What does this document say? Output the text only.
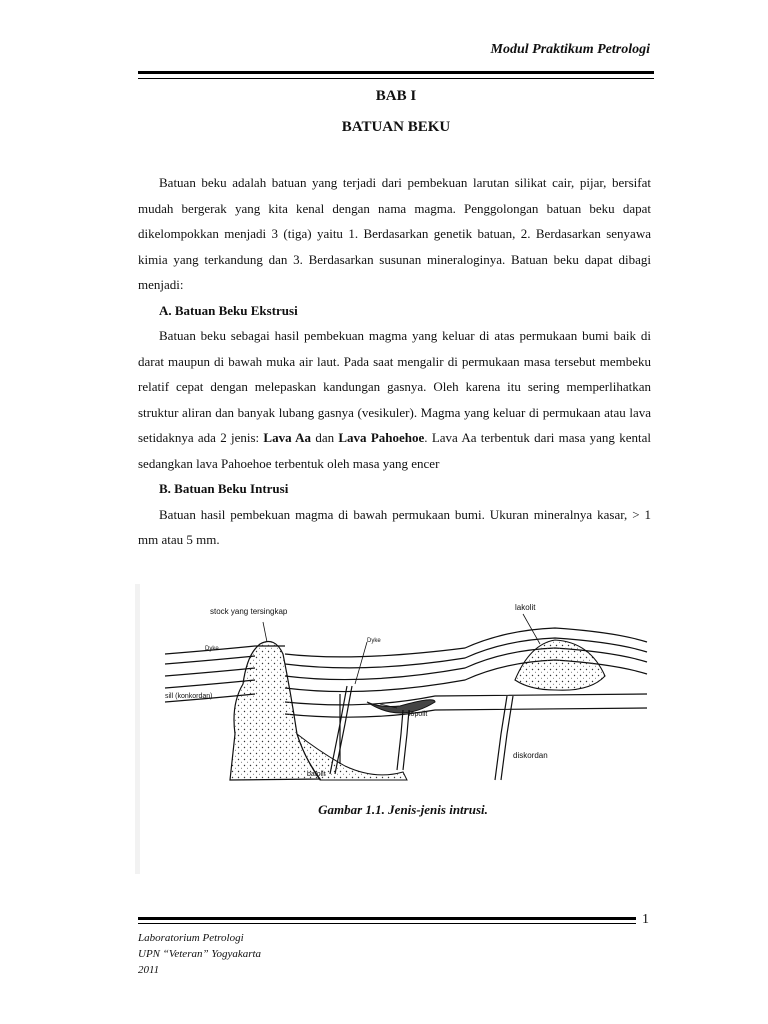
Modul Praktikum Petrologi
BAB I
BATUAN BEKU

Batuan beku adalah batuan yang terjadi dari pembekuan larutan silikat cair, pijar, bersifat mudah bergerak yang kita kenal dengan nama magma. Penggolongan batuan beku dapat dikelompokkan menjadi 3 (tiga) yaitu 1. Berdasarkan genetik batuan, 2. Berdasarkan senyawa kimia yang terkandung dan 3. Berdasarkan susunan mineraloginya. Batuan beku dapat dibagi menjadi:

A. Batuan Beku Ekstrusi

Batuan beku sebagai hasil pembekuan magma yang keluar di atas permukaan bumi baik di darat maupun di bawah muka air laut. Pada saat mengalir di permukaan masa tersebut membeku relatif cepat dengan melepaskan kandungan gasnya. Oleh karena itu sering memperlihatkan struktur aliran dan banyak lubang gasnya (vesikuler). Magma yang keluar di permukaan atau lava setidaknya ada 2 jenis: Lava Aa dan Lava Pahoehoe. Lava Aa terbentuk dari masa yang kental sedangkan lava Pahoehoe terbentuk oleh masa yang encer

B. Batuan Beku Intrusi

Batuan hasil pembekuan magma di bawah permukaan bumi. Ukuran mineralnya kasar, > 1 mm atau 5 mm.

stock yang tersingkap	lakolit
Dyke
Dyke
sill (konkordan)
lopolit
diskordan
batolit
Gambar 1.1. Jenis-jenis intrusi.
1
Laboratorium Petrologi
UPN “Veteran” Yogyakarta
2011
